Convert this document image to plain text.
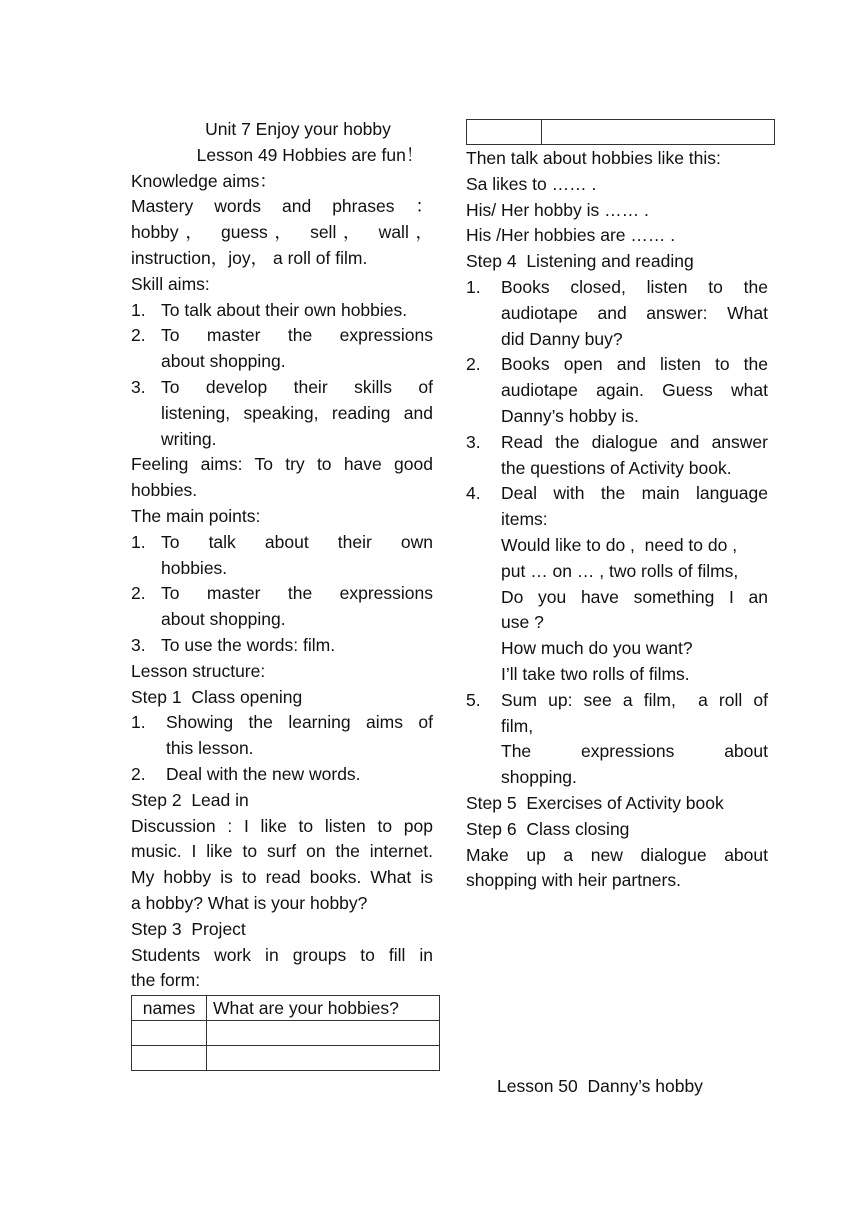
Unit 7 Enjoy your hobby
Lesson 49 Hobbies are fun！
Knowledge aims：
Mastery words and phrases ：
hobby， guess， sell， wall，
instruction，joy， a roll of film.
Skill aims:
1. To talk about their own hobbies.
2. To master the expressions
about shopping.
3. To develop their skills of
listening, speaking, reading and
writing.
Feeling aims: To try to have good
hobbies.
The main points:
1. To talk about their own
hobbies.
2. To master the expressions
about shopping.
3. To use the words: film.
Lesson structure:
Step 1  Class opening
1.	Showing the learning aims of
this lesson.
2.	Deal with the new words.
Step 2  Lead in
Discussion : I like to listen to pop
music. I like to surf on the internet.
My hobby is to read books. What is
a hobby? What is your hobby?
Step 3  Project
Students work in groups to fill in
the form:
names	What are your hobbies?

Then talk about hobbies like this:
Sa likes to …… .
His/ Her hobby is …… .
His /Her hobbies are …… .
Step 4  Listening and reading
1.	Books closed, listen to the
audiotape and answer: What
did Danny buy?
2.	Books open and listen to the
audiotape again. Guess what
Danny’s hobby is.
3.	Read the dialogue and answer
the questions of Activity book.
4.	Deal with the main language
items:
Would like to do ,  need to do ,
put … on … , two rolls of films,
Do you have something I an
use ?
How much do you want?
I’ll take two rolls of films.
5.	Sum up: see a film,  a roll of
film,
The expressions about
shopping.
Step 5  Exercises of Activity book
Step 6  Class closing
Make up a new dialogue about
shopping with heir partners.
Lesson 50  Danny’s hobby
